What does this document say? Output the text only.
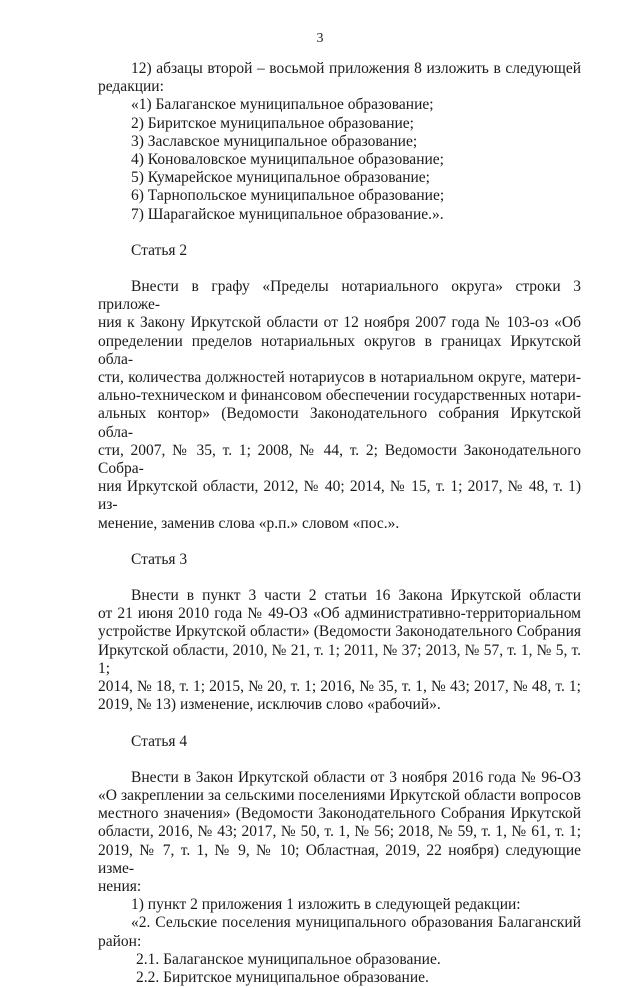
3
12) абзацы второй – восьмой приложения 8 изложить в следующей
редакции:

«1) Балаганское муниципальное образование;

2) Биритское муниципальное образование;

3) Заславское муниципальное образование;

4) Коноваловское муниципальное образование;

5) Кумарейское муниципальное образование;

6) Тарнопольское муниципальное образование;

7) Шарагайское муниципальное образование.».

Статья 2

Внести в графу «Пределы нотариального округа» строки 3 приложе-
ния к Закону Иркутской области от 12 ноября 2007 года № 103-оз «Об
определении пределов нотариальных округов в границах Иркутской обла-
сти, количества должностей нотариусов в нотариальном округе, матери-
ально-техническом и финансовом обеспечении государственных нотари-
альных контор» (Ведомости Законодательного собрания Иркутской обла-
сти, 2007, № 35, т. 1; 2008, № 44, т. 2; Ведомости Законодательного Собра-
ния Иркутской области, 2012, № 40; 2014, № 15, т. 1; 2017, № 48, т. 1) из-
менение, заменив слова «р.п.» словом «пос.».

Статья 3

Внести в пункт 3 части 2 статьи 16 Закона Иркутской области
от 21 июня 2010 года № 49-ОЗ «Об административно-территориальном
устройстве Иркутской области» (Ведомости Законодательного Собрания
Иркутской области, 2010, № 21, т. 1; 2011, № 37; 2013, № 57, т. 1, № 5, т. 1;
2014, № 18, т. 1; 2015, № 20, т. 1; 2016, № 35, т. 1, № 43; 2017, № 48, т. 1;
2019, № 13) изменение, исключив слово «рабочий».

Статья 4

Внести в Закон Иркутской области от 3 ноября 2016 года № 96-ОЗ
«О закреплении за сельскими поселениями Иркутской области вопросов
местного значения» (Ведомости Законодательного Собрания Иркутской
области, 2016, № 43; 2017, № 50, т. 1, № 56; 2018, № 59, т. 1, № 61, т. 1;
2019, № 7, т. 1, № 9, № 10; Областная, 2019, 22 ноября) следующие изме-
нения:

1) пункт 2 приложения 1 изложить в следующей редакции:

«2. Сельские поселения муниципального образования Балаганский
район:

2.1. Балаганское муниципальное образование.

2.2. Биритское муниципальное образование.
